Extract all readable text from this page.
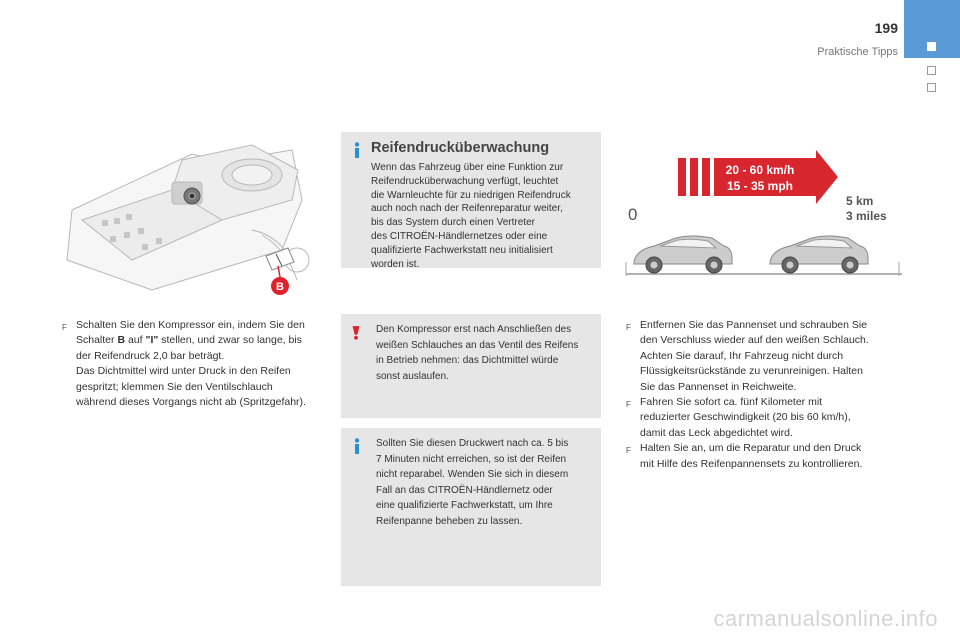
199
Praktische Tipps
B
F Schalten Sie den Kompressor ein, indem Sie den
Schalter B auf "I" stellen, und zwar so lange, bis
der Reifendruck 2,0 bar beträgt.
Das Dichtmittel wird unter Druck in den Reifen
gespritzt; klemmen Sie den Ventilschlauch
während dieses Vorgangs nicht ab (Spritzgefahr).
Reifendrucküberwachung
Wenn das Fahrzeug über eine Funktion zur
Reifendrucküberwachung verfügt, leuchtet
die Warnleuchte für zu niedrigen Reifendruck
auch noch nach der Reifenreparatur weiter,
bis das System durch einen Vertreter
des CITROËN-Händlernetzes oder eine
qualifizierte Fachwerkstatt neu initialisiert
worden ist.
Den Kompressor erst nach Anschließen des
weißen Schlauches an das Ventil des Reifens
in Betrieb nehmen: das Dichtmittel würde
sonst auslaufen.
Sollten Sie diesen Druckwert nach ca. 5 bis
7 Minuten nicht erreichen, so ist der Reifen
nicht reparabel. Wenden Sie sich in diesem
Fall an das CITROËN-Händlernetz oder
eine qualifizierte Fachwerkstatt, um Ihre
Reifenpanne beheben zu lassen.
20 - 60 km/h
15 - 35 mph
0
5 km
3 miles
F Entfernen Sie das Pannenset und schrauben Sie
den Verschluss wieder auf den weißen Schlauch.
Achten Sie darauf, Ihr Fahrzeug nicht durch
Flüssigkeitsrückstände zu verunreinigen. Halten
Sie das Pannenset in Reichweite.
F Fahren Sie sofort ca. fünf Kilometer mit
reduzierter Geschwindigkeit (20 bis 60 km/h),
damit das Leck abgedichtet wird.
F Halten Sie an, um die Reparatur und den Druck
mit Hilfe des Reifenpannensets zu kontrollieren.
carmanualsonline.info
